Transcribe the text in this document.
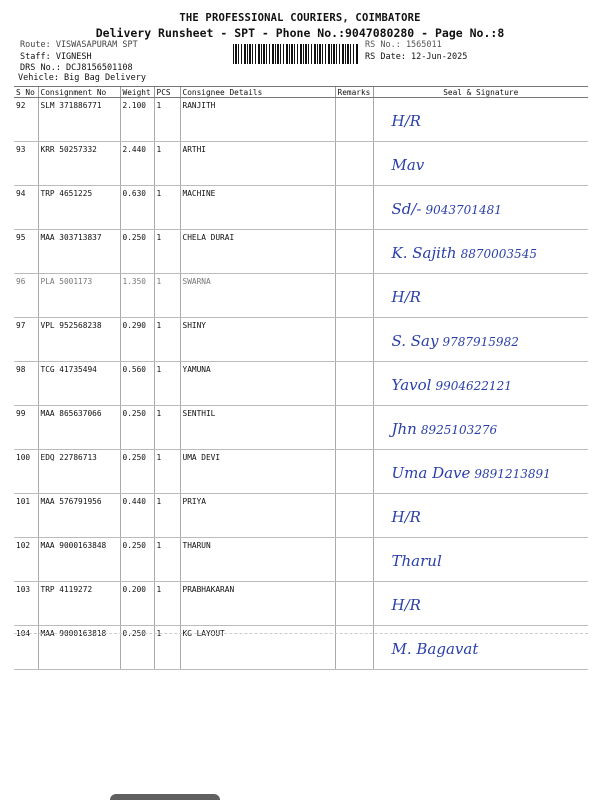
THE PROFESSIONAL COURIERS, COIMBATORE
Delivery Runsheet - SPT - Phone No.:9047080280 - Page No.:8
Route: VISWASAPURAM SPT
Staff: VIGNESH
DRS No.: DCJ8156501108
Vehicle: Big Bag Delivery
RS No.: 1565011
RS Date: 12-Jun-2025
S No	Consignment No	Weight	PCS	Consignee Details	Remarks	Seal & Signature
92	SLM 371886771	2.100	1	RANJITH		H/R

93	KRR 50257332	2.440	1	ARTHI		Mav

94	TRP 4651225	0.630	1	MACHINE		Sd/- 9043701481

95	MAA 303713837	0.250	1	CHELA DURAI		K. Sajith 8870003545

96	PLA 5001173	1.350	1	SWARNA		H/R

97	VPL 952568238	0.290	1	SHINY		S. Say 9787915982

98	TCG 41735494	0.560	1	YAMUNA		Yavol 9904622121

99	MAA 865637066	0.250	1	SENTHIL		Jhn 8925103276

100	EDQ 22786713	0.250	1	UMA DEVI		Uma Dave 9891213891

101	MAA 576791956	0.440	1	PRIYA		H/R

102	MAA 9000163848	0.250	1	THARUN		Tharul

103	TRP 4119272	0.200	1	PRABHAKARAN		H/R

104	MAA 9000163818	0.250	1	KG LAYOUT		M. Bagavat
